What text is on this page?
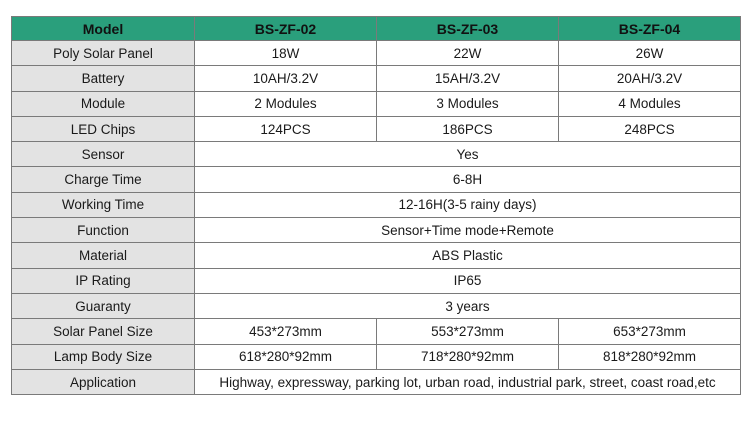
Model	BS-ZF-02	BS-ZF-03	BS-ZF-04
Poly Solar Panel	18W	22W	26W
Battery	10AH/3.2V	15AH/3.2V	20AH/3.2V
Module	2 Modules	3 Modules	4 Modules
LED Chips	124PCS	186PCS	248PCS
Sensor	Yes		
Charge Time	6-8H		
Working Time	12-16H(3-5 rainy days)		
Function	Sensor+Time mode+Remote		
Material	ABS Plastic		
IP Rating	IP65		
Guaranty	3 years		
Solar Panel Size	453*273mm	553*273mm	653*273mm
Lamp Body Size	618*280*92mm	718*280*92mm	818*280*92mm
Application	Highway, expressway, parking lot, urban road, industrial park, street, coast road,etc		
